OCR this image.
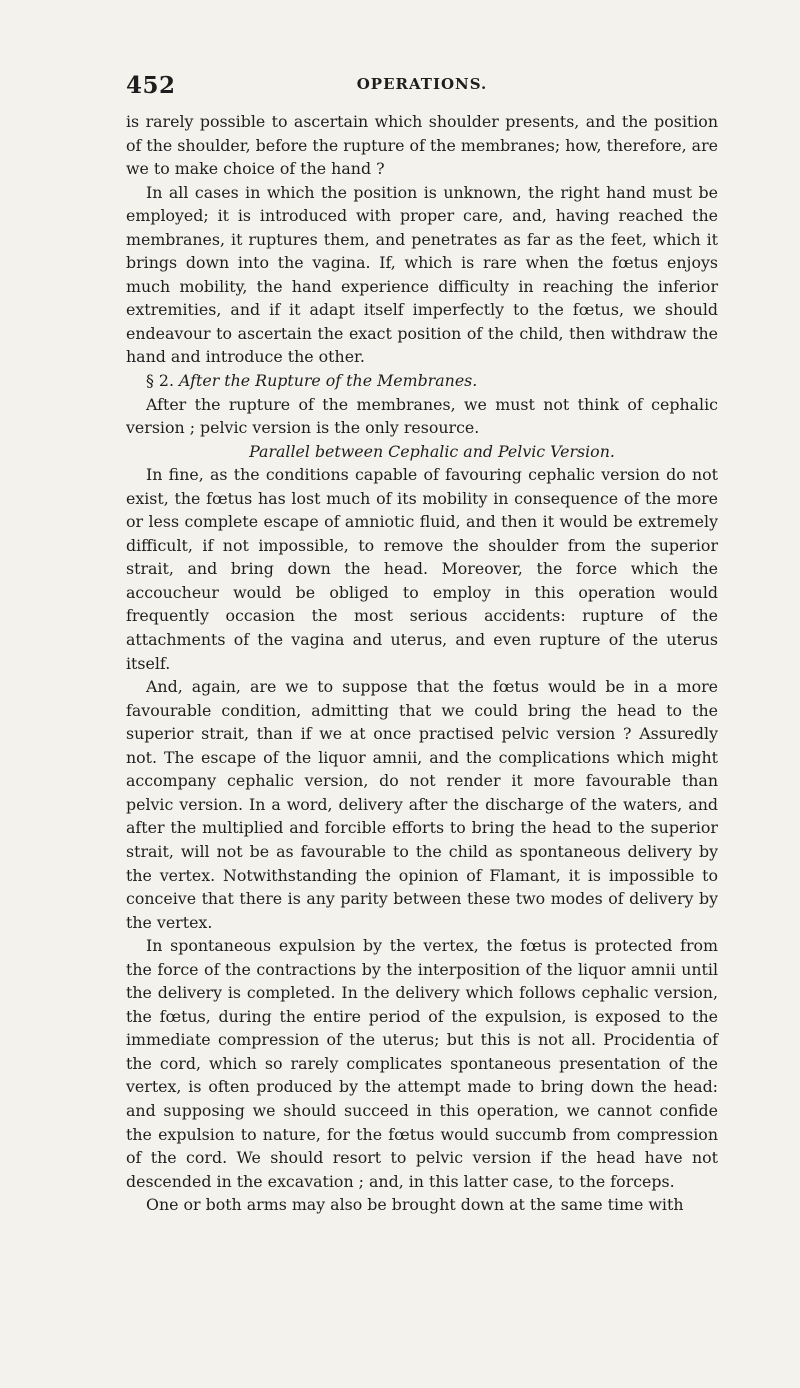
452	OPERATIONS.

is rarely possible to ascertain which shoulder presents, and the position of the shoulder, before the rupture of the membranes; how, therefore, are we to make choice of the hand ?

In all cases in which the position is unknown, the right hand must be employed; it is introduced with proper care, and, having reached the membranes, it ruptures them, and penetrates as far as the feet, which it brings down into the vagina. If, which is rare when the fœtus enjoys much mobility, the hand experience difficulty in reaching the inferior extremities, and if it adapt itself imperfectly to the fœtus, we should endeavour to ascertain the exact position of the child, then withdraw the hand and introduce the other.

§ 2. After the Rupture of the Membranes.

After the rupture of the membranes, we must not think of cephalic version ; pelvic version is the only resource.

Parallel between Cephalic and Pelvic Version.

In fine, as the conditions capable of favouring cephalic version do not exist, the fœtus has lost much of its mobility in consequence of the more or less complete escape of amniotic fluid, and then it would be extremely difficult, if not impossible, to remove the shoulder from the superior strait, and bring down the head. Moreover, the force which the accoucheur would be obliged to employ in this operation would frequently occasion the most serious accidents: rupture of the attachments of the vagina and uterus, and even rupture of the uterus itself.

And, again, are we to suppose that the fœtus would be in a more favourable condition, admitting that we could bring the head to the superior strait, than if we at once practised pelvic version ? Assuredly not. The escape of the liquor amnii, and the complications which might accompany cephalic version, do not render it more favourable than pelvic version. In a word, delivery after the discharge of the waters, and after the multiplied and forcible efforts to bring the head to the superior strait, will not be as favourable to the child as spontaneous delivery by the vertex. Notwithstanding the opinion of Flamant, it is impossible to conceive that there is any parity between these two modes of delivery by the vertex.

In spontaneous expulsion by the vertex, the fœtus is protected from the force of the contractions by the interposition of the liquor amnii until the delivery is completed. In the delivery which follows cephalic version, the fœtus, during the entire period of the expulsion, is exposed to the immediate compression of the uterus; but this is not all. Procidentia of the cord, which so rarely complicates spontaneous presentation of the vertex, is often produced by the attempt made to bring down the head: and supposing we should succeed in this operation, we cannot confide the expulsion to nature, for the fœtus would succumb from compression of the cord. We should resort to pelvic version if the head have not descended in the excavation ; and, in this latter case, to the forceps.

One or both arms may also be brought down at the same time with
